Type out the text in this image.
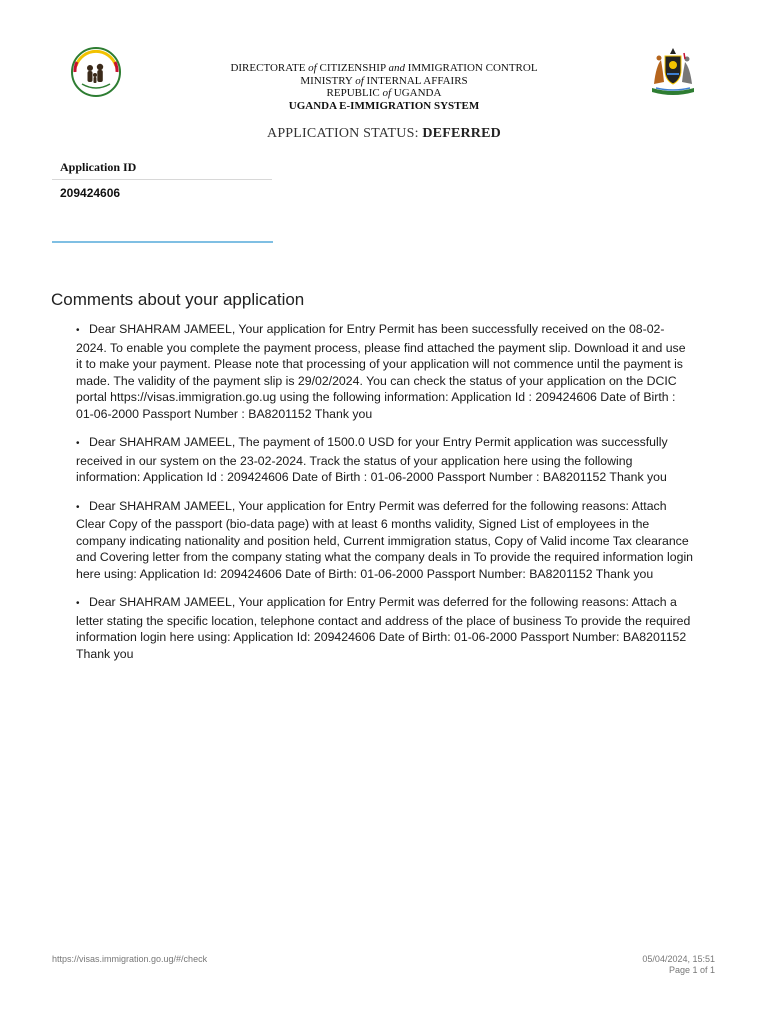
DIRECTORATE of CITIZENSHIP and IMMIGRATION CONTROL
MINISTRY of INTERNAL AFFAIRS
REPUBLIC of UGANDA
UGANDA E-IMMIGRATION SYSTEM
APPLICATION STATUS: DEFERRED
Application ID
209424606
Comments about your application
• Dear SHAHRAM JAMEEL, Your application for Entry Permit has been successfully received on the 08-02-2024. To enable you complete the payment process, please find attached the payment slip. Download it and use it to make your payment. Please note that processing of your application will not commence until the payment is made. The validity of the payment slip is 29/02/2024. You can check the status of your application on the DCIC portal https://visas.immigration.go.ug using the following information: Application Id : 209424606 Date of Birth : 01-06-2000 Passport Number : BA8201152 Thank you
• Dear SHAHRAM JAMEEL, The payment of 1500.0 USD for your Entry Permit application was successfully received in our system on the 23-02-2024. Track the status of your application here using the following information: Application Id : 209424606 Date of Birth : 01-06-2000 Passport Number : BA8201152 Thank you
• Dear SHAHRAM JAMEEL, Your application for Entry Permit was deferred for the following reasons: Attach Clear Copy of the passport (bio-data page) with at least 6 months validity, Signed List of employees in the company indicating nationality and position held, Current immigration status, Copy of Valid income Tax clearance and Covering letter from the company stating what the company deals in To provide the required information login here using: Application Id: 209424606 Date of Birth: 01-06-2000 Passport Number: BA8201152 Thank you
• Dear SHAHRAM JAMEEL, Your application for Entry Permit was deferred for the following reasons: Attach a letter stating the specific location, telephone contact and address of the place of business To provide the required information login here using: Application Id: 209424606 Date of Birth: 01-06-2000 Passport Number: BA8201152 Thank you
https://visas.immigration.go.ug/#/check	05/04/2024, 15:51
Page 1 of 1
